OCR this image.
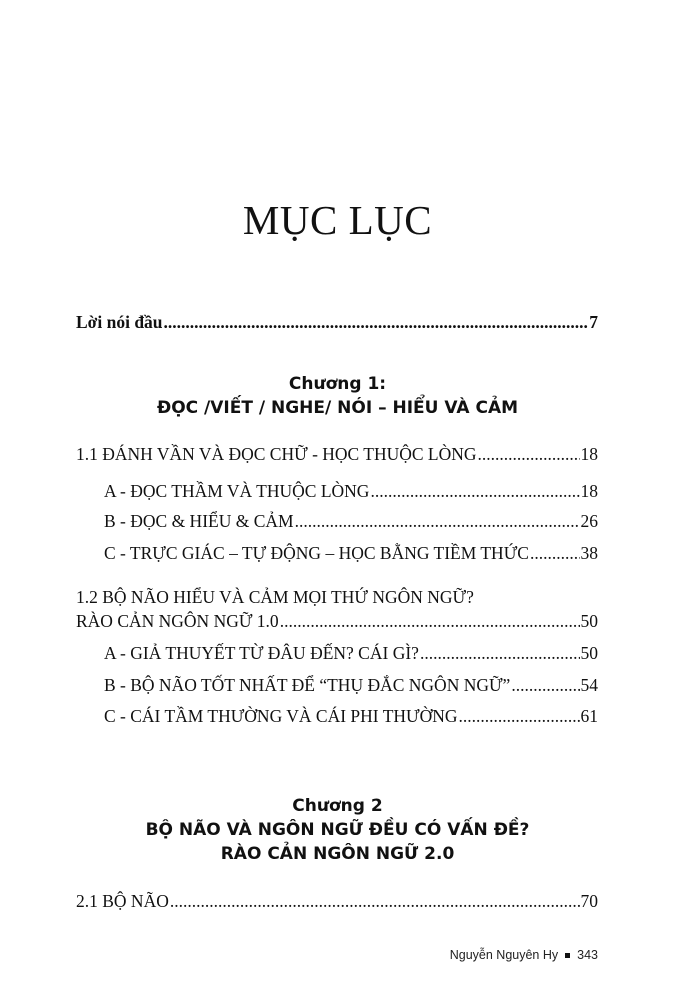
MỤC LỤC
Lời nói đầu .....	7
Chương 1:
ĐỌC /VIẾT / NGHE/ NÓI – HIỂU VÀ CẢM
1.1 ĐÁNH VẦN VÀ ĐỌC CHỮ - HỌC THUỘC LÒNG .....	18
A - ĐỌC THẦM VÀ THUỘC LÒNG .....	18
B - ĐỌC & HIỂU & CẢM .....	26
C - TRỰC GIÁC – TỰ ĐỘNG – HỌC BẰNG TIỀM THỨC .....	38
1.2 BỘ NÃO HIỂU VÀ CẢM MỌI THỨ NGÔN NGỮ?
RÀO CẢN NGÔN NGỮ 1.0 .....	50
A - GIẢ THUYẾT TỪ ĐÂU ĐẾN? CÁI GÌ? .....	50
B - BỘ NÃO TỐT NHẤT ĐỂ “THỤ ĐẮC NGÔN NGỮ” .....	54
C - CÁI TẦM THƯỜNG VÀ CÁI PHI THƯỜNG .....	61
Chương 2
BỘ NÃO VÀ NGÔN NGỮ ĐỀU CÓ VẤN ĐỀ?
RÀO CẢN NGÔN NGỮ 2.0
2.1 BỘ NÃO .....	70
Nguyễn Nguyên Hy 343
